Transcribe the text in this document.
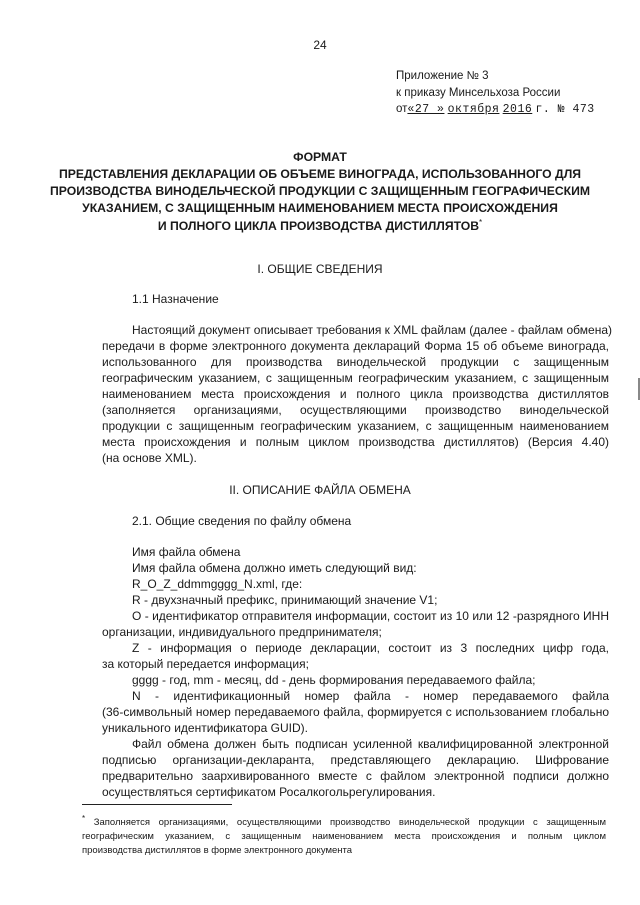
24
Приложение № 3
к приказу Минсельхоза России
от«27 » октября 2016 г. № 473
ФОРМАТ
ПРЕДСТАВЛЕНИЯ ДЕКЛАРАЦИИ ОБ ОБЪЕМЕ ВИНОГРАДА, ИСПОЛЬЗОВАННОГО ДЛЯ
ПРОИЗВОДСТВА ВИНОДЕЛЬЧЕСКОЙ ПРОДУКЦИИ С ЗАЩИЩЕННЫМ ГЕОГРАФИЧЕСКИМ
УКАЗАНИЕМ, С ЗАЩИЩЕННЫМ НАИМЕНОВАНИЕМ МЕСТА ПРОИСХОЖДЕНИЯ
И ПОЛНОГО ЦИКЛА ПРОИЗВОДСТВА ДИСТИЛЛЯТОВ*
I. ОБЩИЕ СВЕДЕНИЯ
1.1 Назначение
Настоящий документ описывает требования к XML файлам (далее - файлам обмена)
передачи в форме электронного документа деклараций Форма 15 об объеме винограда,
использованного для производства винодельческой продукции с защищенным
географическим указанием, с защищенным географическим указанием, с защищенным
наименованием места происхождения и полного цикла производства дистиллятов
(заполняется организациями, осуществляющими производство винодельческой
продукции с защищенным географическим указанием, с защищенным наименованием
места происхождения и полным циклом производства дистиллятов) (Версия 4.40)
(на основе XML).
II. ОПИСАНИЕ ФАЙЛА ОБМЕНА
2.1. Общие сведения по файлу обмена
Имя файла обмена
Имя файла обмена должно иметь следующий вид:
R_O_Z_ddmmgggg_N.xml, где:
R - двухзначный префикс, принимающий значение V1;
O - идентификатор отправителя информации, состоит из 10 или 12 -разрядного ИНН
организации, индивидуального предпринимателя;
Z - информация о периоде декларации, состоит из 3 последних цифр года,
за который передается информация;
gggg - год, mm - месяц, dd - день формирования передаваемого файла;
N - идентификационный номер файла - номер передаваемого файла
(36-символьный номер передаваемого файла, формируется с использованием глобально
уникального идентификатора GUID).
Файл обмена должен быть подписан усиленной квалифицированной электронной
подписью организации-декларанта, представляющего декларацию. Шифрование
предварительно заархивированного вместе с файлом электронной подписи должно
осуществляться сертификатом Росалкогольрегулирования.
* Заполняется организациями, осуществляющими производство винодельческой продукции с защищенным
географическим указанием, с защищенным наименованием места происхождения и полным циклом
производства дистиллятов в форме электронного документа
